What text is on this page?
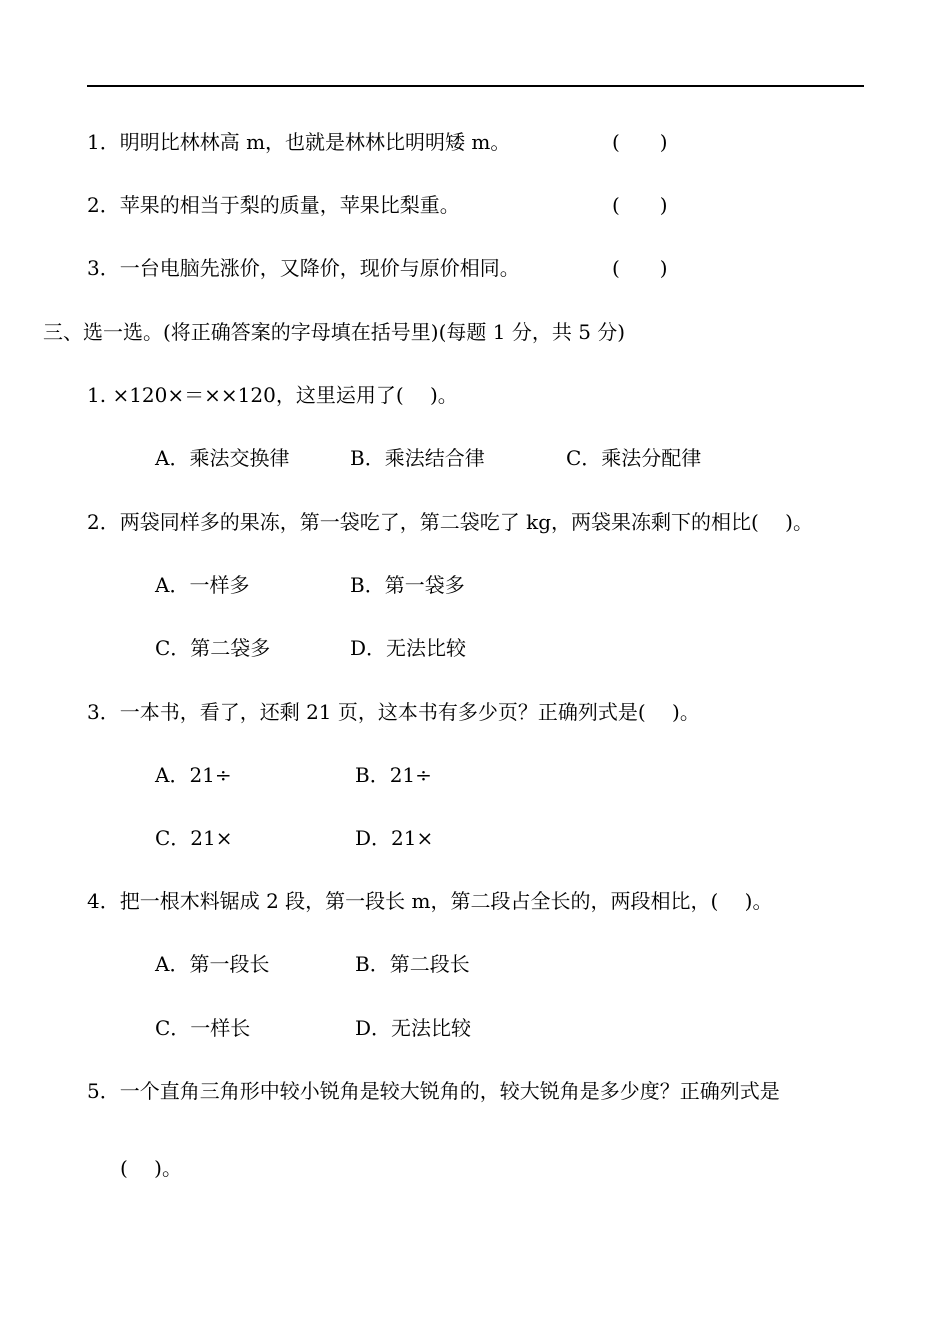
1．明明比林林高 m，也就是林林比明明矮 m。	(　　)
2．苹果的相当于梨的质量，苹果比梨重。	(　　)
3．一台电脑先涨价，又降价，现价与原价相同。	(　　)
三、选一选。(将正确答案的字母填在括号里)(每题 1 分，共 5 分)
1. ×120×＝××120，这里运用了(　 )。
A．乘法交换律	B．乘法结合律	C．乘法分配律
2．两袋同样多的果冻，第一袋吃了，第二袋吃了 kg，两袋果冻剩下的相比(　 )。
A．一样多	B．第一袋多
C．第二袋多	D．无法比较
3．一本书，看了，还剩 21 页，这本书有多少页？正确列式是(　 )。
A．21÷	B．21÷
C．21×	D．21×
4．把一根木料锯成 2 段，第一段长 m，第二段占全长的，两段相比，(　 )。
A．第一段长	B．第二段长
C．一样长	D．无法比较
5．一个直角三角形中较小锐角是较大锐角的，较大锐角是多少度？正确列式是
(　 )。
